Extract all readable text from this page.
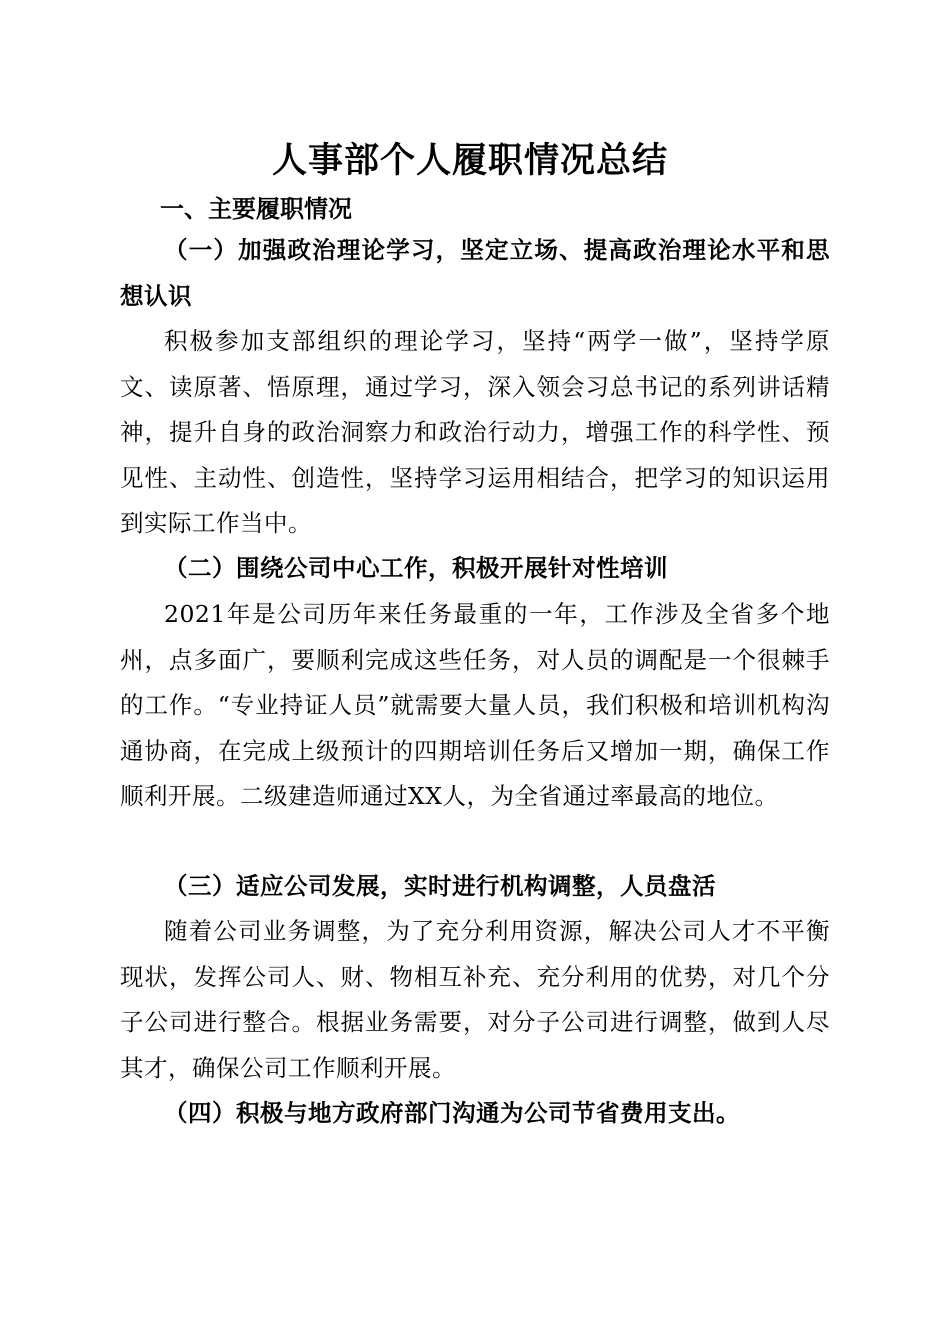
人事部个人履职情况总结
一、主要履职情况
（一）加强政治理论学习，坚定立场、提高政治理论水平和思想认识
积极参加支部组织的理论学习，坚持“两学一做”，坚持学原文、读原著、悟原理，通过学习，深入领会习总书记的系列讲话精神，提升自身的政治洞察力和政治行动力，增强工作的科学性、预见性、主动性、创造性，坚持学习运用相结合，把学习的知识运用到实际工作当中。
（二）围绕公司中心工作，积极开展针对性培训
2021年是公司历年来任务最重的一年，工作涉及全省多个地州，点多面广，要顺利完成这些任务，对人员的调配是一个很棘手的工作。“专业持证人员”就需要大量人员，我们积极和培训机构沟通协商，在完成上级预计的四期培训任务后又增加一期，确保工作顺利开展。二级建造师通过XX人，为全省通过率最高的地位。
（三）适应公司发展，实时进行机构调整，人员盘活
随着公司业务调整，为了充分利用资源，解决公司人才不平衡现状，发挥公司人、财、物相互补充、充分利用的优势，对几个分子公司进行整合。根据业务需要，对分子公司进行调整，做到人尽其才，确保公司工作顺利开展。
（四）积极与地方政府部门沟通为公司节省费用支出。
